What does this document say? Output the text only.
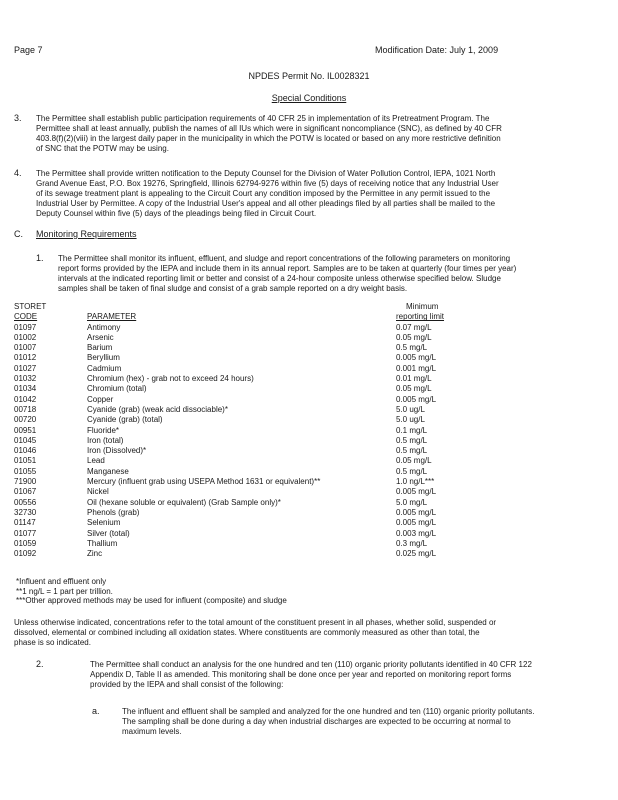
Page 7	Modification Date: July 1, 2009
NPDES Permit No. IL0028321
Special Conditions
3. The Permittee shall establish public participation requirements of 40 CFR 25 in implementation of its Pretreatment Program. The
Permittee shall at least annually, publish the names of all IUs which were in significant noncompliance (SNC), as defined by 40 CFR
403.8(f)(2)(viii) in the largest daily paper in the municipality in which the POTW is located or based on any more restrictive definition
of SNC that the POTW may be using.
4. The Permittee shall provide written notification to the Deputy Counsel for the Division of Water Pollution Control, IEPA, 1021 North
Grand Avenue East, P.O. Box 19276, Springfield, Illinois 62794-9276 within five (5) days of receiving notice that any Industrial User
of its sewage treatment plant is appealing to the Circuit Court any condition imposed by the Permittee in any permit issued to the
Industrial User by Permittee. A copy of the Industrial User's appeal and all other pleadings filed by all parties shall be mailed to the
Deputy Counsel within five (5) days of the pleadings being filed in Circuit Court.
C. Monitoring Requirements
1. The Permittee shall monitor its influent, effluent, and sludge and report concentrations of the following parameters on monitoring
report forms provided by the IEPA and include them in its annual report. Samples are to be taken at quarterly (four times per year)
intervals at the indicated reporting limit or better and consist of a 24-hour composite unless otherwise specified below. Sludge
samples shall be taken of final sludge and consist of a grab sample reported on a dry weight basis.
STORET	Minimum
CODE	PARAMETER	reporting limit
01097	Antimony	0.07 mg/L
01002	Arsenic	0.05 mg/L
01007	Barium	0.5 mg/L
01012	Beryllium	0.005 mg/L
01027	Cadmium	0.001 mg/L
01032	Chromium (hex) - grab not to exceed 24 hours)	0.01 mg/L
01034	Chromium (total)	0.05 mg/L
01042	Copper	0.005 mg/L
00718	Cyanide (grab) (weak acid dissociable)*	5.0 ug/L
00720	Cyanide (grab) (total)	5.0 ug/L
00951	Fluoride*	0.1 mg/L
01045	Iron (total)	0.5 mg/L
01046	Iron (Dissolved)*	0.5 mg/L
01051	Lead	0.05 mg/L
01055	Manganese	0.5 mg/L
71900	Mercury (influent grab using USEPA Method 1631 or equivalent)**	1.0 ng/L***
01067	Nickel	0.005 mg/L
00556	Oil (hexane soluble or equivalent) (Grab Sample only)*	5.0 mg/L
32730	Phenols (grab)	0.005 mg/L
01147	Selenium	0.005 mg/L
01077	Silver (total)	0.003 mg/L
01059	Thallium	0.3 mg/L
01092	Zinc	0.025 mg/L
*Influent and effluent only
**1 ng/L = 1 part per trillion.
***Other approved methods may be used for influent (composite) and sludge
Unless otherwise indicated, concentrations refer to the total amount of the constituent present in all phases, whether solid, suspended or
dissolved, elemental or combined including all oxidation states. Where constituents are commonly measured as other than total, the
phase is so indicated.
2.	The Permittee shall conduct an analysis for the one hundred and ten (110) organic priority pollutants identified in 40 CFR 122
Appendix D, Table II as amended. This monitoring shall be done once per year and reported on monitoring report forms
provided by the IEPA and shall consist of the following:
a.	The influent and effluent shall be sampled and analyzed for the one hundred and ten (110) organic priority pollutants.
The sampling shall be done during a day when industrial discharges are expected to be occurring at normal to
maximum levels.
